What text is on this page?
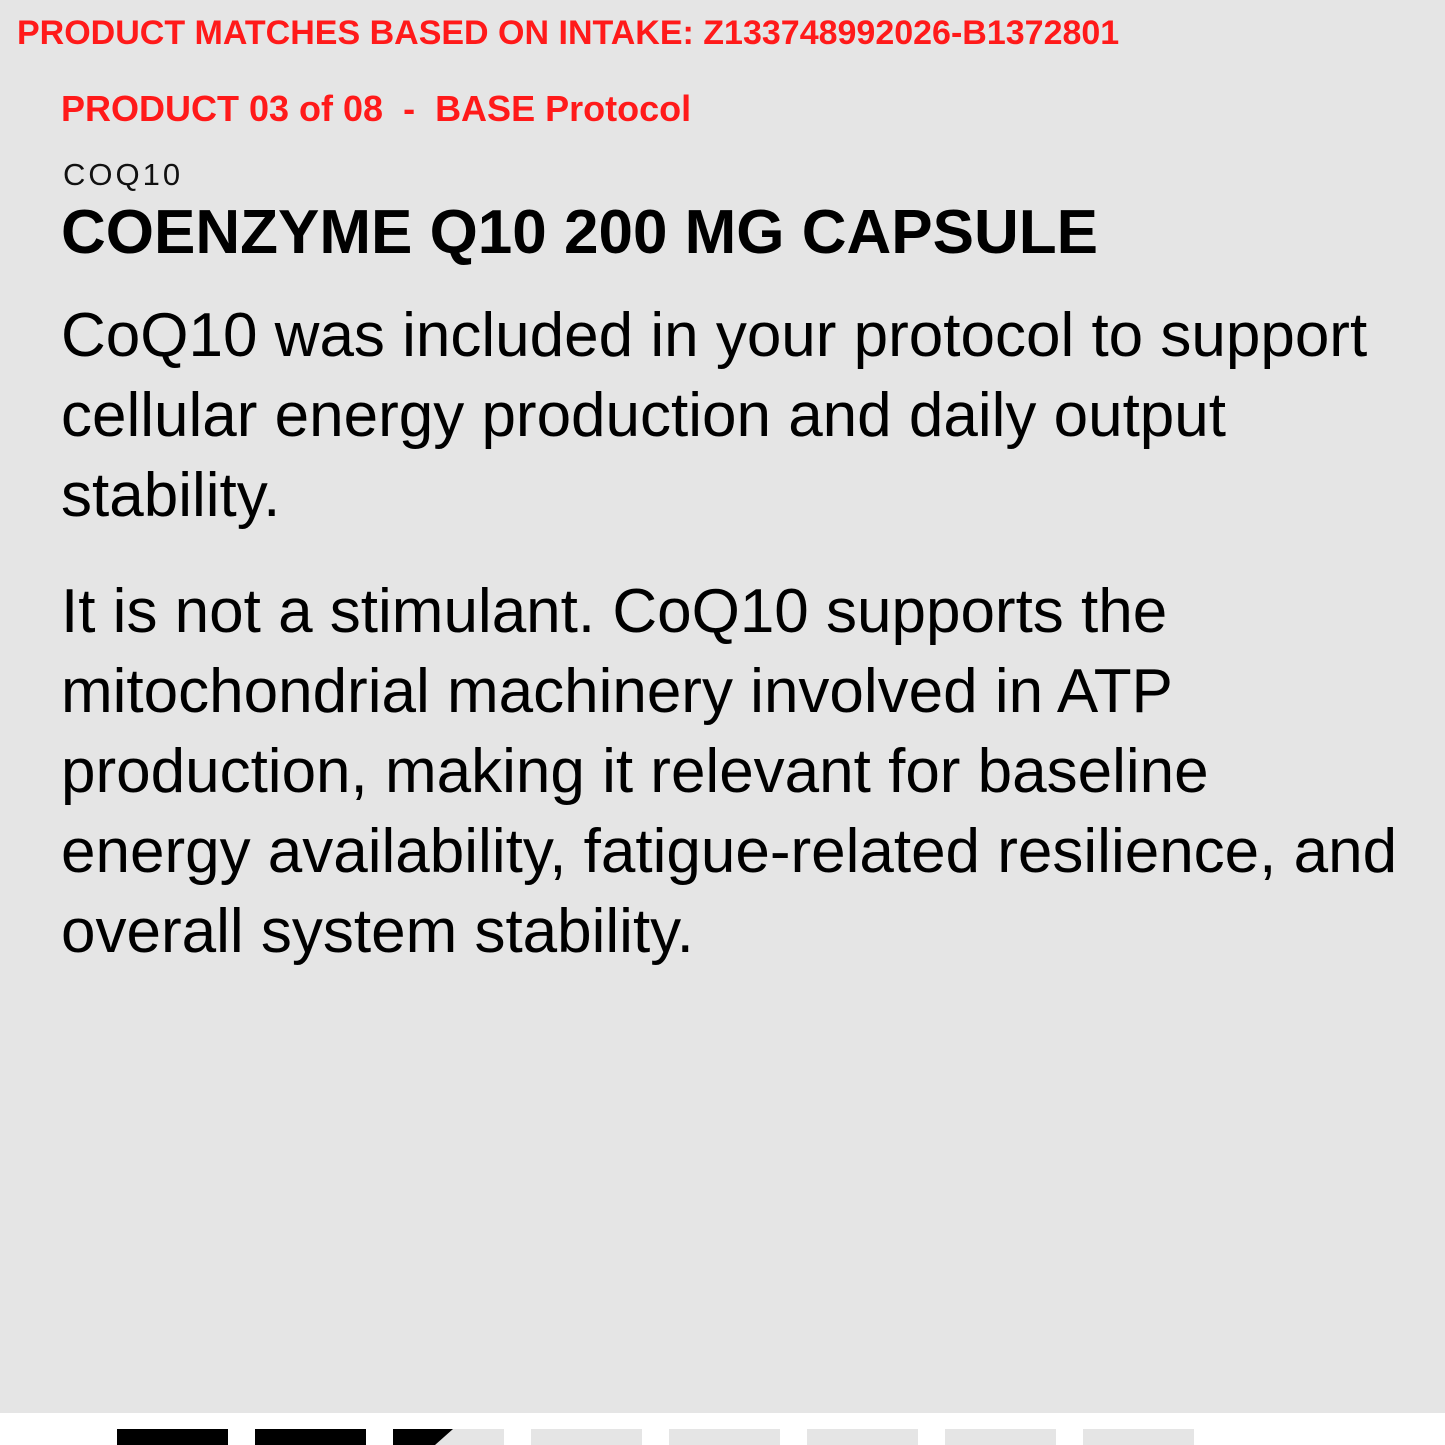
PRODUCT MATCHES BASED ON INTAKE: Z133748992026-B1372801
PRODUCT 03 of 08  -  BASE Protocol
COQ10
COENZYME Q10 200 MG CAPSULE

CoQ10 was included in your protocol to support cellular energy production and daily output stability.

It is not a stimulant. CoQ10 supports the mitochondrial machinery involved in ATP production, making it relevant for baseline energy availability, fatigue-related resilience, and overall system stability.
